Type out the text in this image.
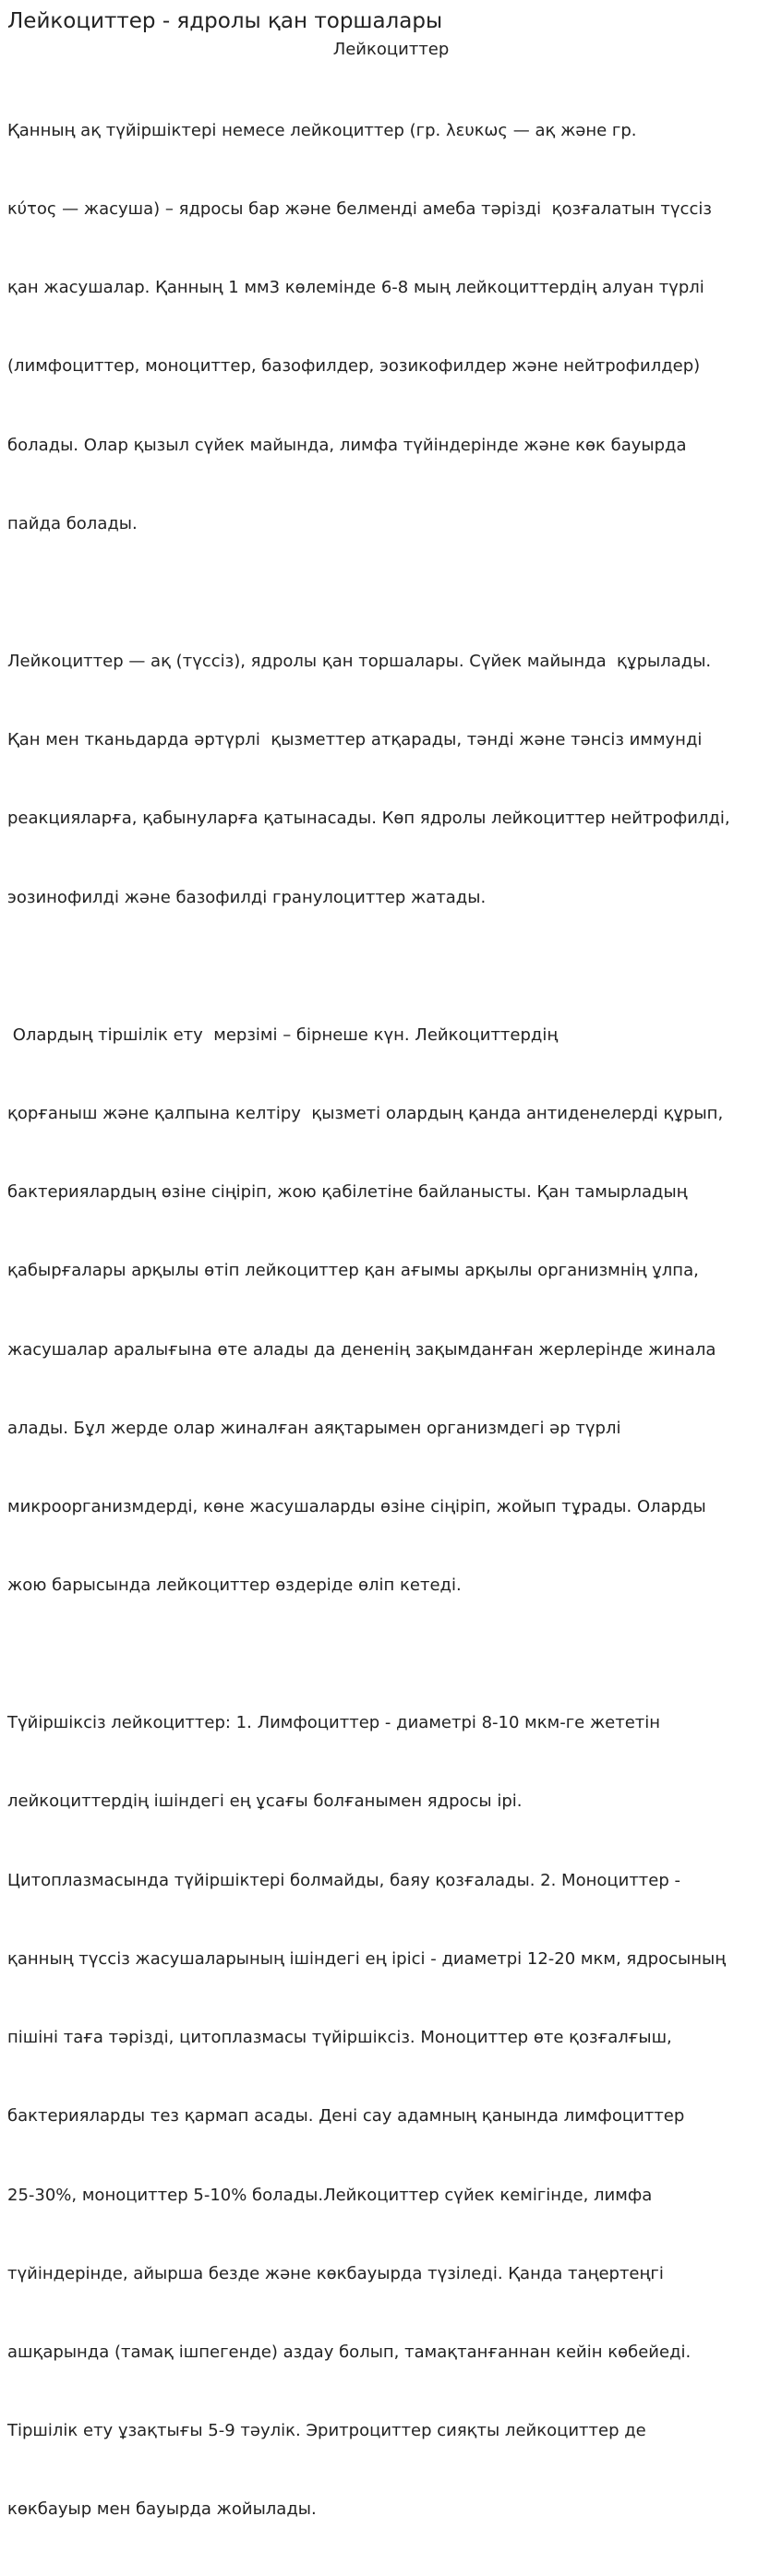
Лейкоциттер - ядролы қан торшалары
Лейкоциттер

Қанның ақ түйіршіктері немесе лейкоциттер (гр. λευκως — ақ және гр.

κύτος — жасуша) – ядросы бар және белменді амеба тәрізді  қозғалатын түссіз

қан жасушалар. Қанның 1 мм3 көлемінде 6-8 мың лейкоциттердің алуан түрлі

(лимфоциттер, моноциттер, базофилдер, эозикофилдер және нейтрофилдер)

болады. Олар қызыл сүйек майында, лимфа түйіндерінде және көк бауырда

пайда болады.

Лейкоциттер — ақ (түссіз), ядролы қан торшалары. Сүйек майында  құрылады.

Қан мен тканьдарда әртүрлі  қызметтер атқарады, тәнді және тәнсіз иммунді

реакцияларға, қабынуларға қатынасады. Көп ядролы лейкоциттер нейтрофилді,

эозинофилді және базофилді гранулоциттер жатады.

Олардың тіршілік ету  мерзімі – бірнеше күн. Лейкоциттердің

қорғаныш және қалпына келтіру  қызметі олардың қанда антиденелерді құрып,

бактериялардың өзіне сіңіріп, жою қабілетіне байланысты. Қан тамырладың

қабырғалары арқылы өтіп лейкоциттер қан ағымы арқылы организмнің ұлпа,

жасушалар аралығына өте алады да дененің зақымданған жерлерінде жинала

алады. Бұл жерде олар жиналған аяқтарымен организмдегі әр түрлі

микроорганизмдерді, көне жасушаларды өзіне сіңіріп, жойып тұрады. Оларды

жою барысында лейкоциттер өздеріде өліп кетеді.

Түйіршіксіз лейкоциттер: 1. Лимфоциттер - диаметрі 8-10 мкм-ге жететін

лейкоциттердің ішіндегі ең ұсағы болғанымен ядросы ірі.

Цитоплазмасында түйіршіктері болмайды, баяу қозғалады. 2. Моноциттер -

қанның түссіз жасушаларының ішіндегі ең ірісі - диаметрі 12-20 мкм, ядросының

пішіні таға тәрізді, цитоплазмасы түйіршіксіз. Моноциттер өте қозғалғыш,

бактерияларды тез қармап асады. Дені сау адамның қанында лимфоциттер

25-30%, моноциттер 5-10% болады.Лейкоциттер сүйек кемігінде, лимфа

түйіндерінде, айырша безде және көкбауырда түзіледі. Қанда таңертеңгі

ашқарында (тамақ ішпегенде) аздау болып, тамақтанғаннан кейін көбейеді.

Тіршілік ету ұзақтығы 5-9 тәулік. Эритроциттер сияқты лейкоциттер де

көкбауыр мен бауырда жойылады.
